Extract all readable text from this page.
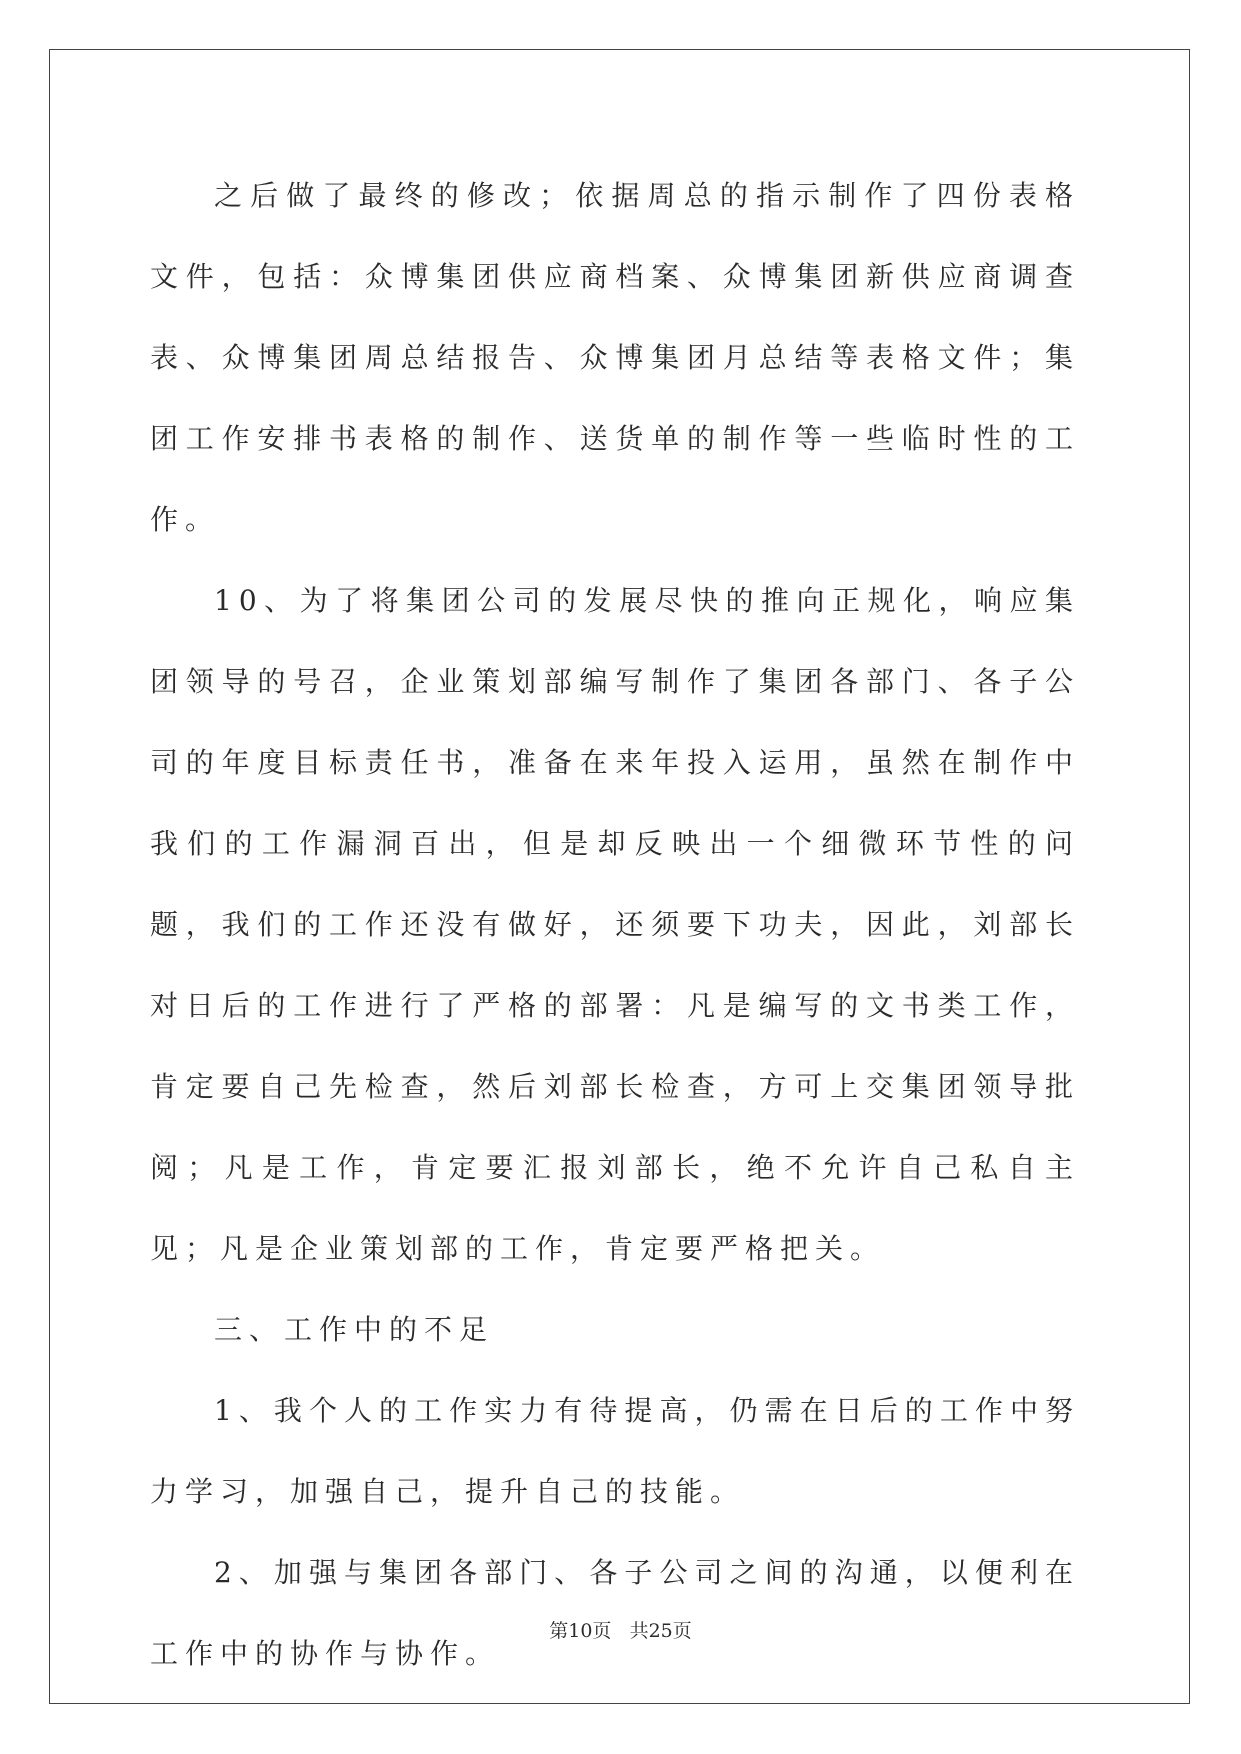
之后做了最终的修改；依据周总的指示制作了四份表格文件，包括：众博集团供应商档案、众博集团新供应商调查表、众博集团周总结报告、众博集团月总结等表格文件；集团工作安排书表格的制作、送货单的制作等一些临时性的工作。

10、为了将集团公司的发展尽快的推向正规化，响应集团领导的号召，企业策划部编写制作了集团各部门、各子公司的年度目标责任书，准备在来年投入运用，虽然在制作中我们的工作漏洞百出，但是却反映出一个细微环节性的问题，我们的工作还没有做好，还须要下功夫，因此，刘部长对日后的工作进行了严格的部署：凡是编写的文书类工作，肯定要自己先检查，然后刘部长检查，方可上交集团领导批阅；凡是工作，肯定要汇报刘部长，绝不允许自己私自主见；凡是企业策划部的工作，肯定要严格把关。

三、工作中的不足

1、我个人的工作实力有待提高，仍需在日后的工作中努力学习，加强自己，提升自己的技能。

2、加强与集团各部门、各子公司之间的沟通，以便利在工作中的协作与协作。

第10页 共25页
